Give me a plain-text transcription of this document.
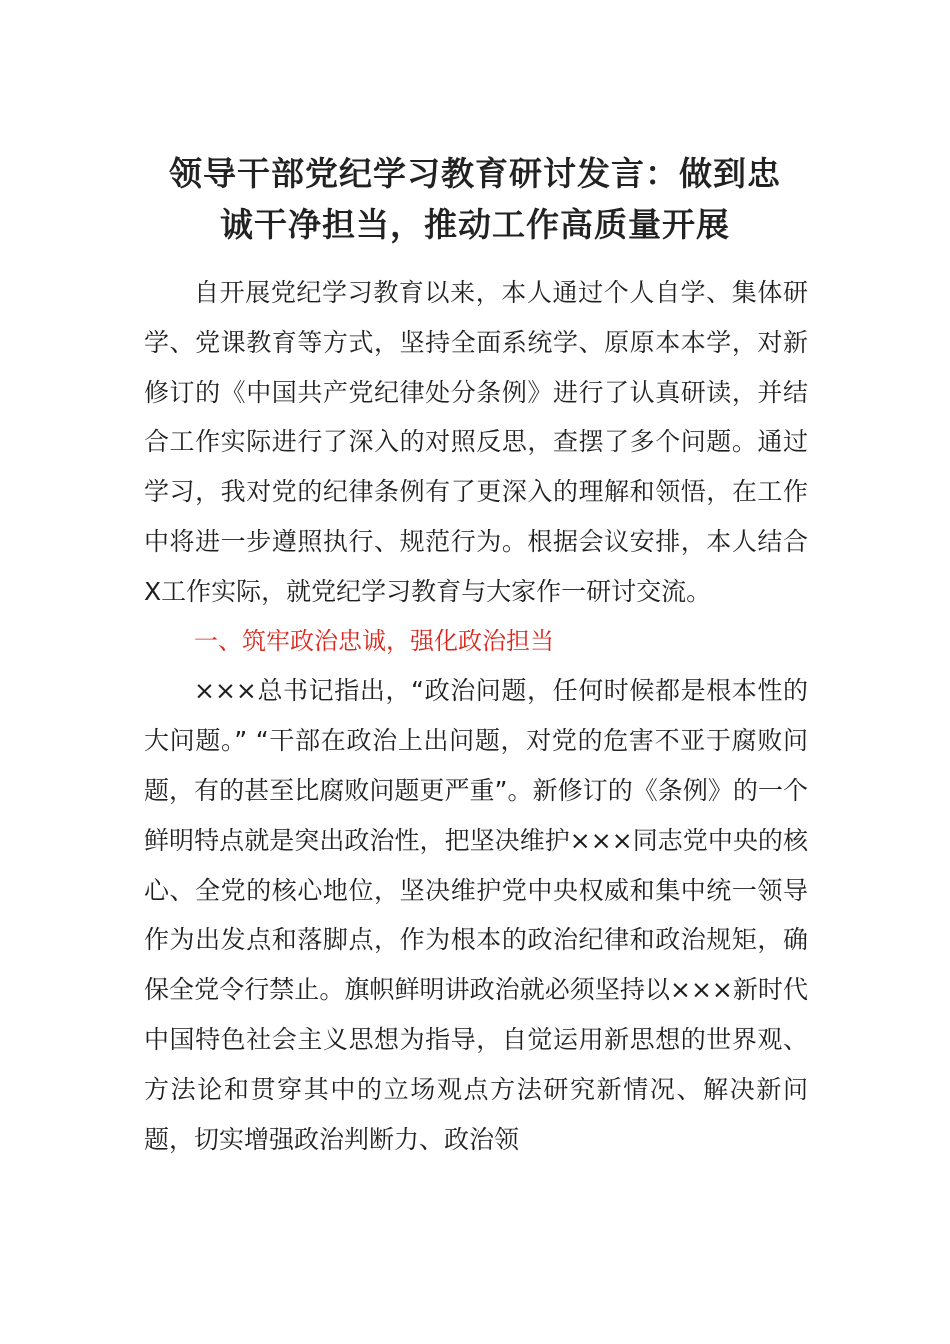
领导干部党纪学习教育研讨发言：做到忠
诚干净担当，推动工作高质量开展

自开展党纪学习教育以来，本人通过个人自学、集体研学、党课教育等方式，坚持全面系统学、原原本本学，对新修订的《中国共产党纪律处分条例》进行了认真研读，并结合工作实际进行了深入的对照反思，查摆了多个问题。通过学习，我对党的纪律条例有了更深入的理解和领悟，在工作中将进一步遵照执行、规范行为。根据会议安排，本人结合X工作实际，就党纪学习教育与大家作一研讨交流。

一、筑牢政治忠诚，强化政治担当

×××总书记指出，“政治问题，任何时候都是根本性的大问题。” “干部在政治上出问题，对党的危害不亚于腐败问题，有的甚至比腐败问题更严重”。新修订的《条例》的一个鲜明特点就是突出政治性，把坚决维护×××同志党中央的核心、全党的核心地位，坚决维护党中央权威和集中统一领导作为出发点和落脚点，作为根本的政治纪律和政治规矩，确保全党令行禁止。旗帜鲜明讲政治就必须坚持以×××新时代中国特色社会主义思想为指导，自觉运用新思想的世界观、方法论和贯穿其中的立场观点方法研究新情况、解决新问题，切实增强政治判断力、政治领
